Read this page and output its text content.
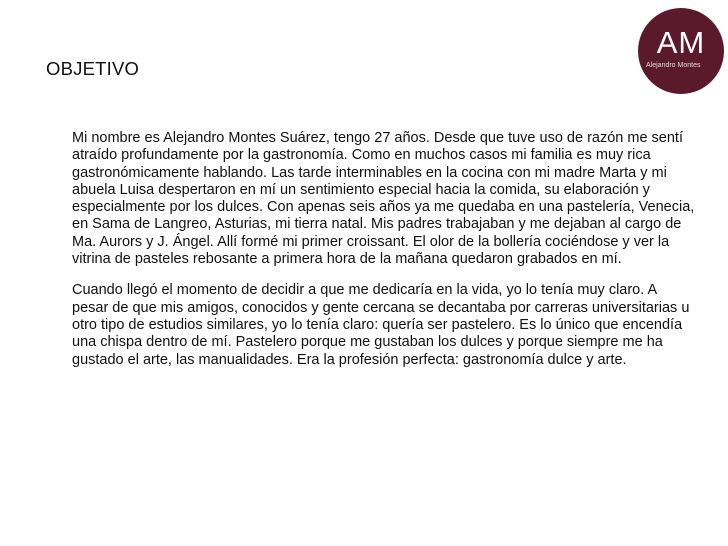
OBJETIVO
AM
Alejandro Montes

Mi nombre es Alejandro Montes Suárez, tengo 27 años. Desde que tuve uso de razón me sentí atraído profundamente por la gastronomía. Como en muchos casos mi familia es muy rica gastronómicamente hablando. Las tarde interminables en la cocina con mi madre Marta y mi abuela Luisa despertaron en mí un sentimiento especial hacia la comida, su elaboración y especialmente por los dulces. Con apenas seis años ya me quedaba en una pastelería, Venecia, en Sama de Langreo, Asturias, mi tierra natal. Mis padres trabajaban y me dejaban al cargo de Ma. Aurors y J. Ángel. Allí formé mi primer croissant. El olor de la bollería cociéndose y ver la vitrina de pasteles rebosante a primera hora de la mañana quedaron grabados en mí.

Cuando llegó el momento de decidir a que me dedicaría en la vida, yo lo tenía muy claro. A pesar de que mis amigos, conocidos y gente cercana se decantaba por carreras universitarias u otro tipo de estudios similares, yo lo tenía claro: quería ser pastelero. Es lo único que encendía una chispa dentro de mí. Pastelero porque me gustaban los dulces y porque siempre me ha gustado el arte, las manualidades. Era la profesión perfecta: gastronomía dulce y arte.
